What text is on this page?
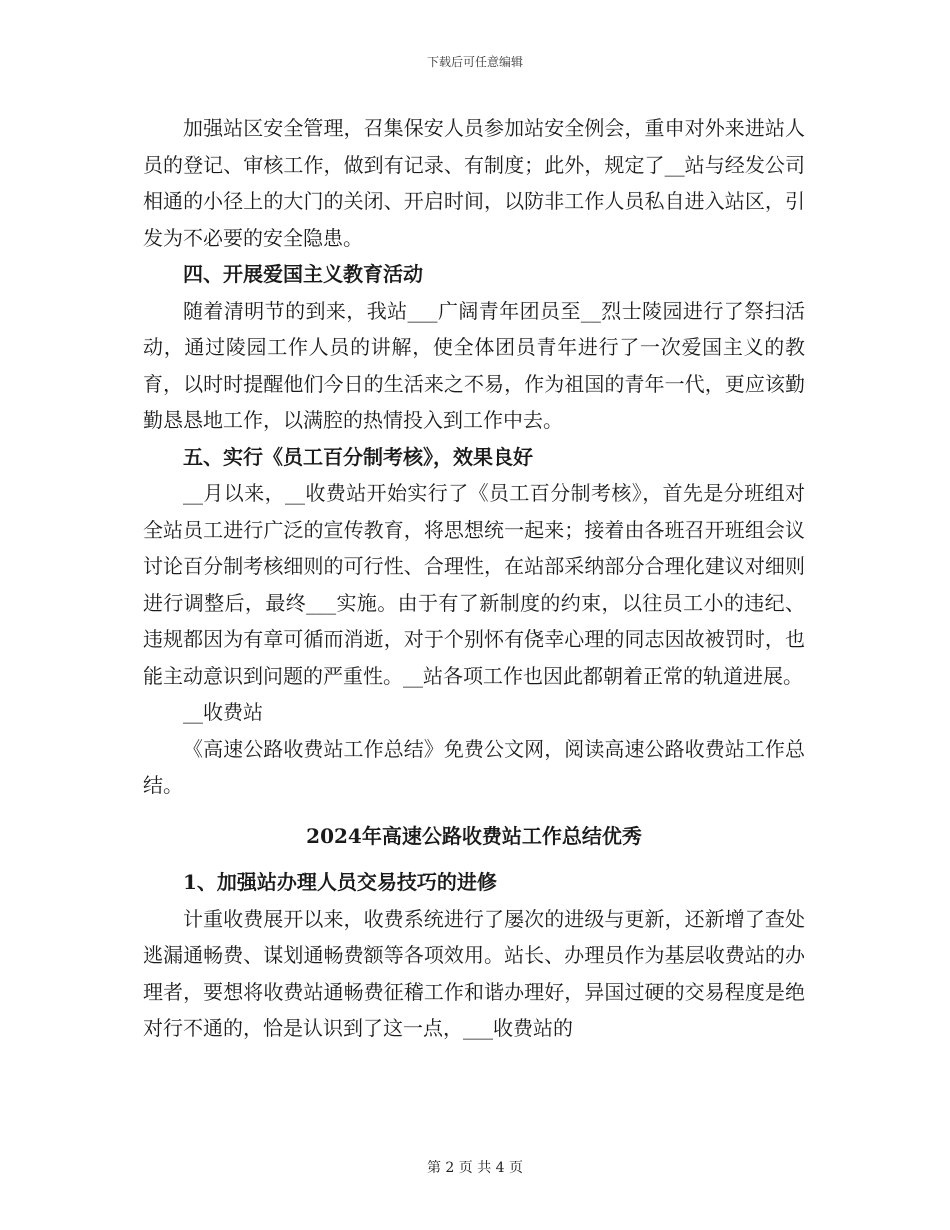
下载后可任意编辑

加强站区安全管理，召集保安人员参加站安全例会，重申对外来进站人员的登记、审核工作，做到有记录、有制度；此外，规定了__站与经发公司相通的小径上的大门的关闭、开启时间，以防非工作人员私自进入站区，引发为不必要的安全隐患。

四、开展爱国主义教育活动

随着清明节的到来，我站___广阔青年团员至__烈士陵园进行了祭扫活动，通过陵园工作人员的讲解，使全体团员青年进行了一次爱国主义的教育，以时时提醒他们今日的生活来之不易，作为祖国的青年一代，更应该勤勤恳恳地工作，以满腔的热情投入到工作中去。

五、实行《员工百分制考核》，效果良好

__月以来，__收费站开始实行了《员工百分制考核》，首先是分班组对全站员工进行广泛的宣传教育，将思想统一起来；接着由各班召开班组会议讨论百分制考核细则的可行性、合理性，在站部采纳部分合理化建议对细则进行调整后，最终___实施。由于有了新制度的约束，以往员工小的违纪、违规都因为有章可循而消逝，对于个别怀有侥幸心理的同志因故被罚时，也能主动意识到问题的严重性。__站各项工作也因此都朝着正常的轨道进展。

__收费站

《高速公路收费站工作总结》免费公文网，阅读高速公路收费站工作总结。

2024年高速公路收费站工作总结优秀

1、加强站办理人员交易技巧的进修

计重收费展开以来，收费系统进行了屡次的进级与更新，还新增了查处逃漏通畅费、谋划通畅费额等各项效用。站长、办理员作为基层收费站的办理者，要想将收费站通畅费征稽工作和谐办理好，异国过硬的交易程度是绝对行不通的，恰是认识到了这一点，___收费站的

第 2 页 共 4 页
